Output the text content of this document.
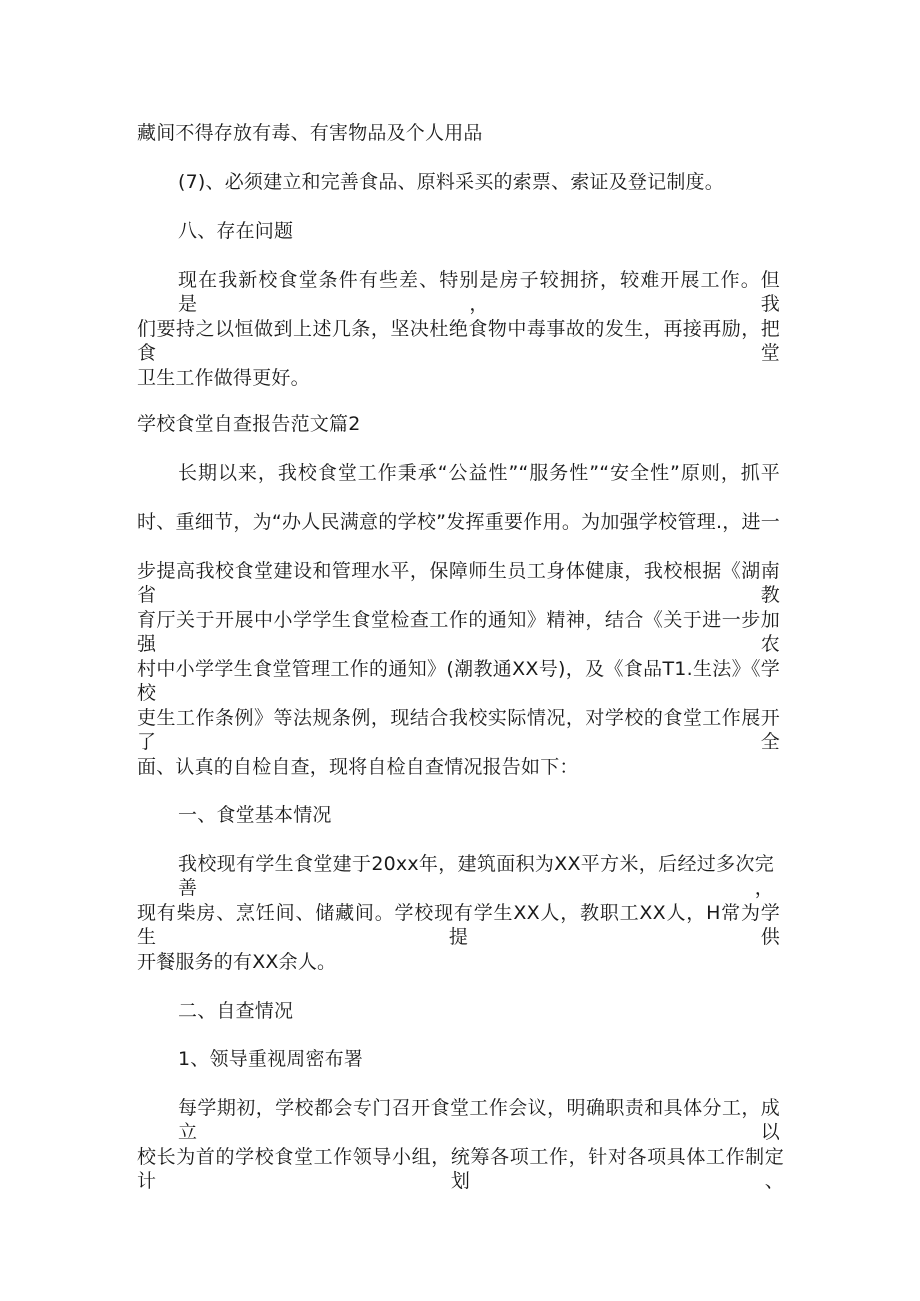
藏间不得存放有毒、有害物品及个人用品

(7)、必须建立和完善食品、原料采买的索票、索证及登记制度。

八、存在问题

现在我新校食堂条件有些差、特别是房子较拥挤，较难开展工作。但是，我

们要持之以恒做到上述几条，坚决杜绝食物中毒事故的发生，再接再励，把食堂

卫生工作做得更好。

学校食堂自查报告范文篇2

长期以来，我校食堂工作秉承“公益性”“服务性”“安全性”原则，抓平

时、重细节，为“办人民满意的学校”发挥重要作用。为加强学校管理.，进一

步提高我校食堂建设和管理水平，保障师生员工身体健康，我校根据《湖南省教

育厅关于开展中小学学生食堂检查工作的通知》精神，结合《关于进一步加强农

村中小学学生食堂管理工作的通知》(潮教通XX号)，及《食品T1.生法》《学校

吏生工作条例》等法规条例，现结合我校实际情况，对学校的食堂工作展开了全

面、认真的自检自查，现将自检自查情况报告如下：

一、食堂基本情况

我校现有学生食堂建于20xx年，建筑面积为XX平方米，后经过多次完善，

现有柴房、烹饪间、储藏间。学校现有学生XX人，教职工XX人，H常为学生提供

开餐服务的有XX余人。

二、自查情况

1、领导重视周密布署

每学期初，学校都会专门召开食堂工作会议，明确职责和具体分工，成立以

校长为首的学校食堂工作领导小组，统筹各项工作，针对各项具体工作制定计划、
